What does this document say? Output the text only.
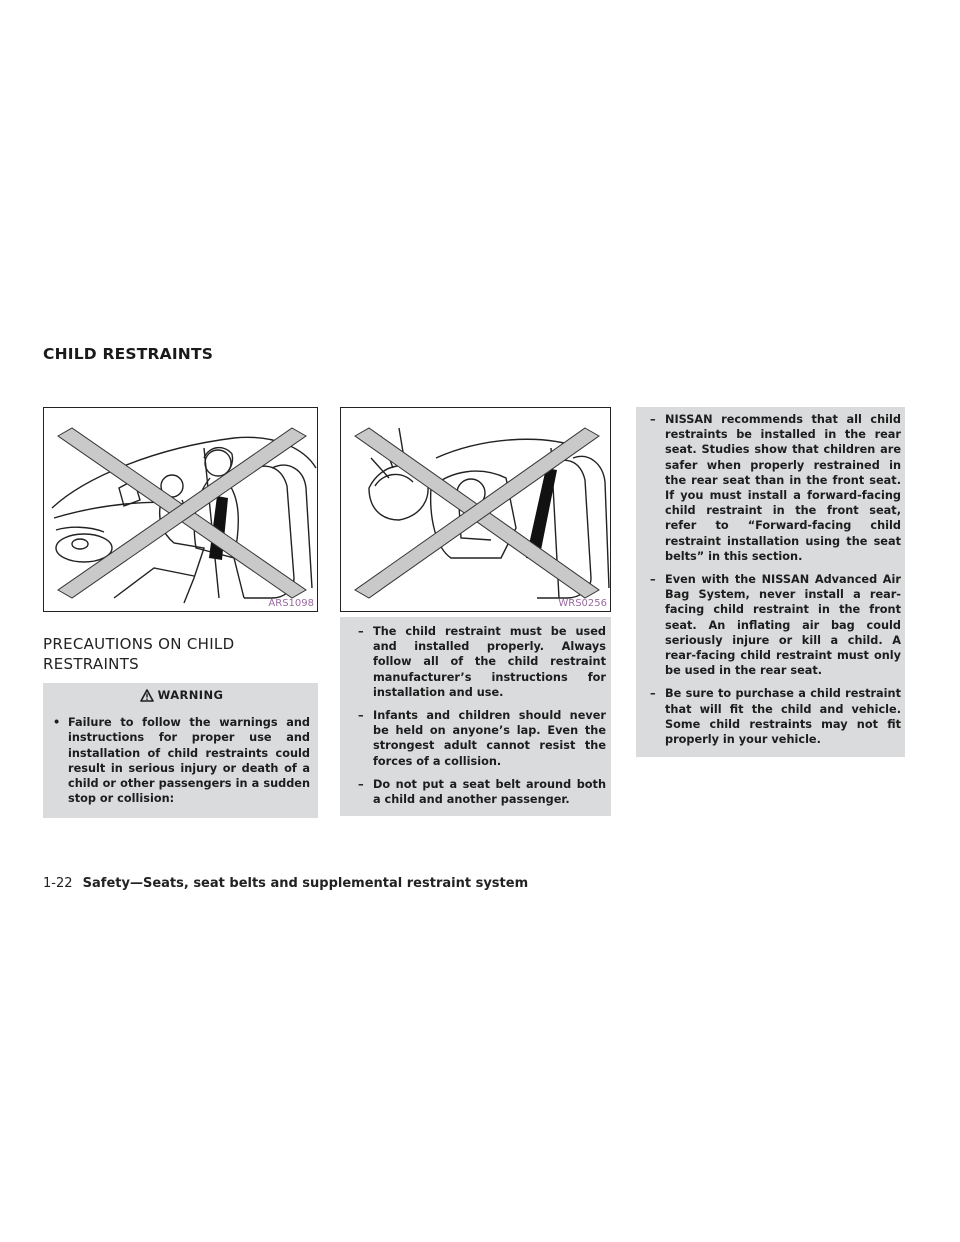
CHILD RESTRAINTS
ARS1098	WRS0256
PRECAUTIONS ON CHILD RESTRAINTS
WARNING
• Failure to follow the warnings and instructions for proper use and installation of child restraints could result in serious injury or death of a child or other passengers in a sudden stop or collision:
– The child restraint must be used and installed properly. Always follow all of the child restraint manufacturer’s instructions for installation and use.
– Infants and children should never be held on anyone’s lap. Even the strongest adult cannot resist the forces of a collision.
– Do not put a seat belt around both a child and another passenger.
– NISSAN recommends that all child restraints be installed in the rear seat. Studies show that children are safer when properly restrained in the rear seat than in the front seat. If you must install a forward-facing child restraint in the front seat, refer to “Forward-facing child restraint installation using the seat belts” in this section.
– Even with the NISSAN Advanced Air Bag System, never install a rear-facing child restraint in the front seat. An inflating air bag could seriously injure or kill a child. A rear-facing child restraint must only be used in the rear seat.
– Be sure to purchase a child restraint that will fit the child and vehicle. Some child restraints may not fit properly in your vehicle.
1-22 Safety—Seats, seat belts and supplemental restraint system
